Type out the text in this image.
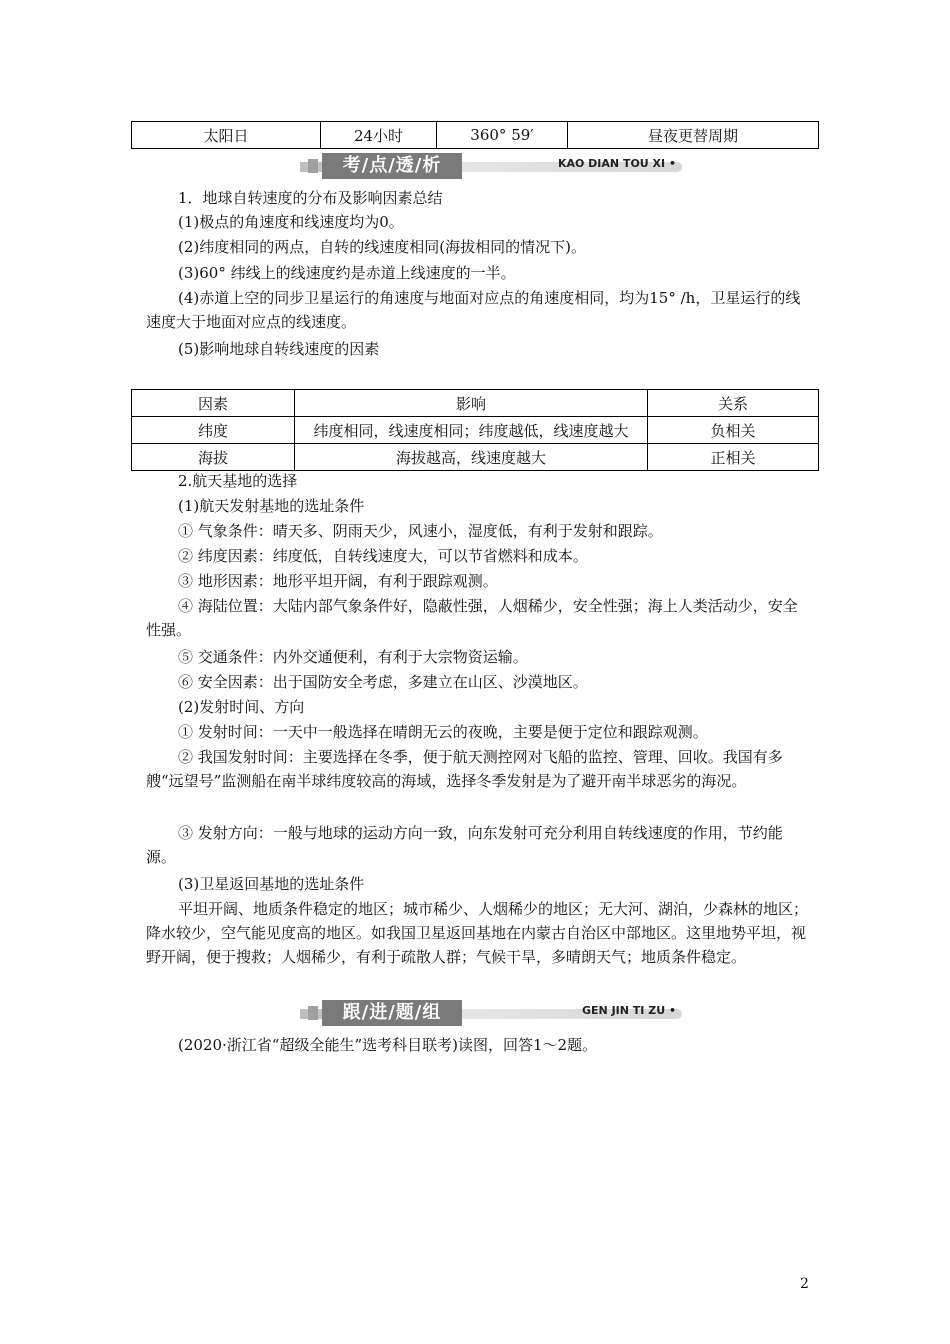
太阳日	24小时	360° 59′	昼夜更替周期
考/点/透/析	KAO DIAN TOU XI •
1．地球自转速度的分布及影响因素总结
(1)极点的角速度和线速度均为0。
(2)纬度相同的两点，自转的线速度相同(海拔相同的情况下)。
(3)60° 纬线上的线速度约是赤道上线速度的一半。
(4)赤道上空的同步卫星运行的角速度与地面对应点的角速度相同，均为15° /h，卫星运行的线速度大于地面对应点的线速度。
(5)影响地球自转线速度的因素
因素	影响	关系
纬度	纬度相同，线速度相同；纬度越低，线速度越大	负相关
海拔	海拔越高，线速度越大	正相关
2.航天基地的选择
(1)航天发射基地的选址条件
① 气象条件：晴天多、阴雨天少，风速小，湿度低，有利于发射和跟踪。
② 纬度因素：纬度低，自转线速度大，可以节省燃料和成本。
③ 地形因素：地形平坦开阔，有利于跟踪观测。
④ 海陆位置：大陆内部气象条件好，隐蔽性强，人烟稀少，安全性强；海上人类活动少，安全性强。
⑤ 交通条件：内外交通便利，有利于大宗物资运输。
⑥ 安全因素：出于国防安全考虑，多建立在山区、沙漠地区。
(2)发射时间、方向
① 发射时间：一天中一般选择在晴朗无云的夜晚，主要是便于定位和跟踪观测。
② 我国发射时间：主要选择在冬季，便于航天测控网对飞船的监控、管理、回收。我国有多艘“远望号”监测船在南半球纬度较高的海域，选择冬季发射是为了避开南半球恶劣的海况。
③ 发射方向：一般与地球的运动方向一致，向东发射可充分利用自转线速度的作用，节约能源。
(3)卫星返回基地的选址条件
平坦开阔、地质条件稳定的地区；城市稀少、人烟稀少的地区；无大河、湖泊，少森林的地区；降水较少，空气能见度高的地区。如我国卫星返回基地在内蒙古自治区中部地区。这里地势平坦，视野开阔，便于搜救；人烟稀少，有利于疏散人群；气候干旱，多晴朗天气；地质条件稳定。
跟/进/题/组	GEN JIN TI ZU •
(2020·浙江省“超级全能生”选考科目联考)读图，回答1～2题。
2
